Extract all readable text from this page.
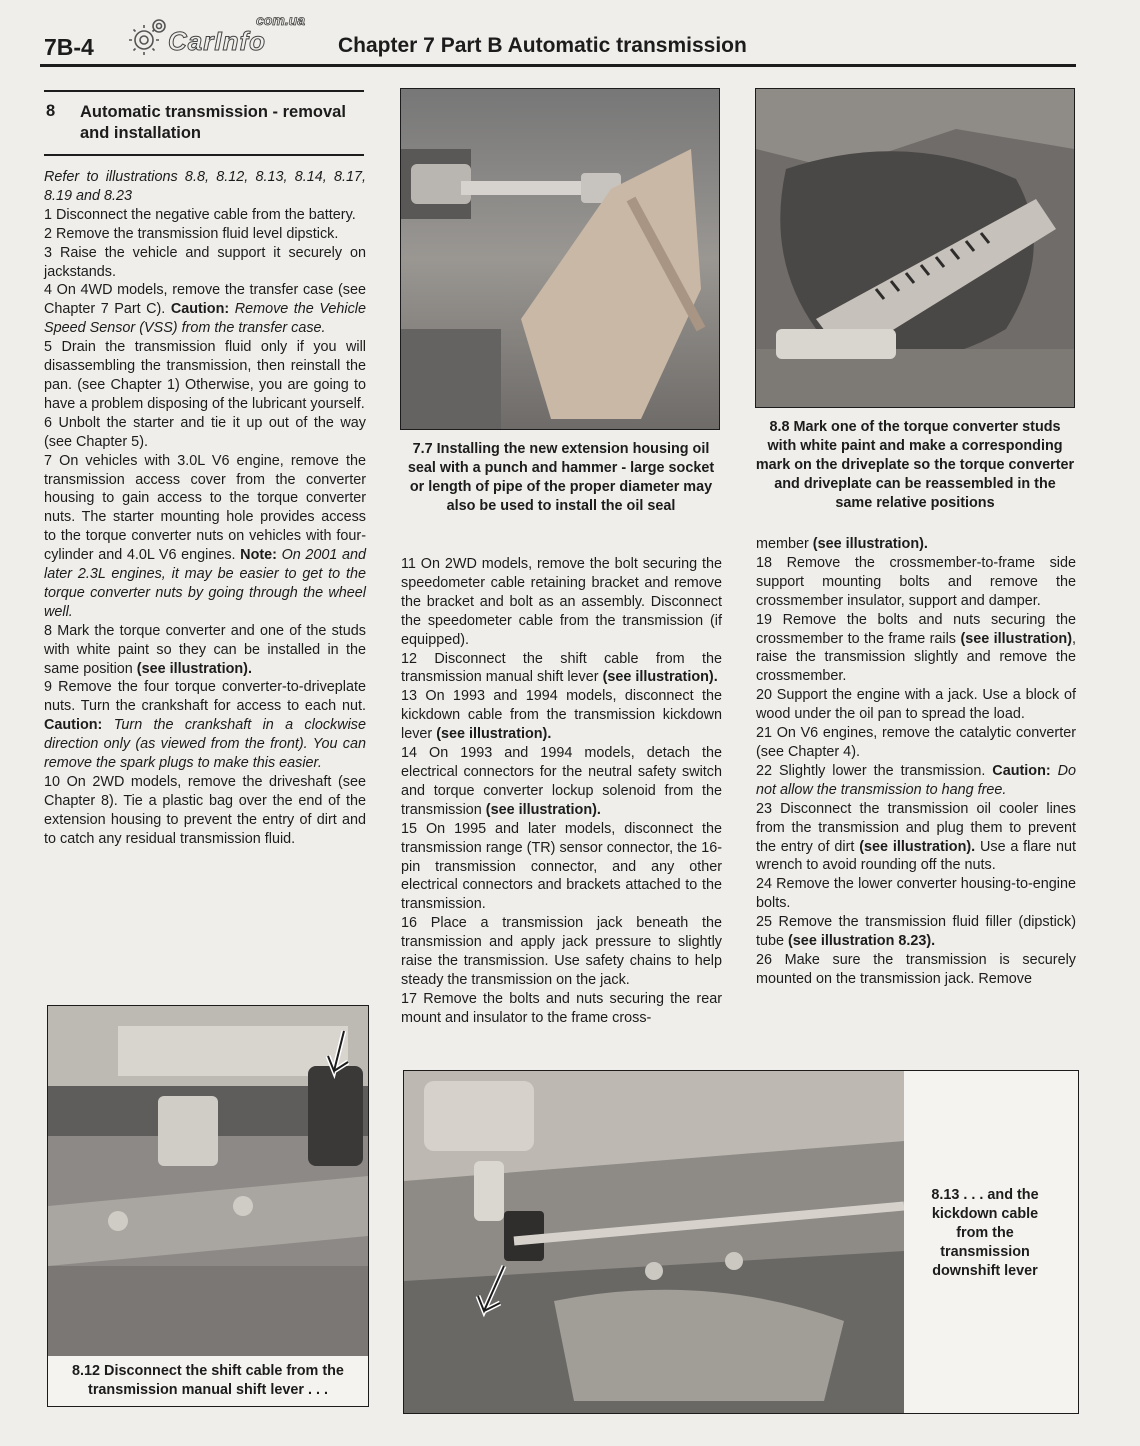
7B-4	CarInfo
com.ua
Chapter 7 Part B Automatic transmission
8 Automatic transmission - removal and installation

Refer to illustrations 8.8, 8.12, 8.13, 8.14, 8.17, 8.19 and 8.23

1 Disconnect the negative cable from the battery.

2 Remove the transmission fluid level dipstick.

3 Raise the vehicle and support it securely on jackstands.

4 On 4WD models, remove the transfer case (see Chapter 7 Part C). Caution: Remove the Vehicle Speed Sensor (VSS) from the transfer case.

5 Drain the transmission fluid only if you will disassembling the transmission, then reinstall the pan. (see Chapter 1) Otherwise, you are going to have a problem disposing of the lubricant yourself.

6 Unbolt the starter and tie it up out of the way (see Chapter 5).

7 On vehicles with 3.0L V6 engine, remove the transmission access cover from the converter housing to gain access to the torque converter nuts. The starter mounting hole provides access to the torque converter nuts on vehicles with four-cylinder and 4.0L V6 engines. Note: On 2001 and later 2.3L engines, it may be easier to get to the torque converter nuts by going through the wheel well.

8 Mark the torque converter and one of the studs with white paint so they can be installed in the same position (see illustration).

9 Remove the four torque converter-to-driveplate nuts. Turn the crankshaft for access to each nut. Caution: Turn the crankshaft in a clockwise direction only (as viewed from the front). You can remove the spark plugs to make this easier.

10 On 2WD models, remove the driveshaft (see Chapter 8). Tie a plastic bag over the end of the extension housing to prevent the entry of dirt and to catch any residual transmission fluid.

11 On 2WD models, remove the bolt securing the speedometer cable retaining bracket and remove the bracket and bolt as an assembly. Disconnect the speedometer cable from the transmission (if equipped).

12 Disconnect the shift cable from the transmission manual shift lever (see illustration).

13 On 1993 and 1994 models, disconnect the kickdown cable from the transmission kickdown lever (see illustration).

14 On 1993 and 1994 models, detach the electrical connectors for the neutral safety switch and torque converter lockup solenoid from the transmission (see illustration).

15 On 1995 and later models, disconnect the transmission range (TR) sensor connector, the 16-pin transmission connector, and any other electrical connectors and brackets attached to the transmission.

16 Place a transmission jack beneath the transmission and apply jack pressure to slightly raise the transmission. Use safety chains to help steady the transmission on the jack.

17 Remove the bolts and nuts securing the rear mount and insulator to the frame cross-

member (see illustration).

18 Remove the crossmember-to-frame side support mounting bolts and remove the crossmember insulator, support and damper.

19 Remove the bolts and nuts securing the crossmember to the frame rails (see illustration), raise the transmission slightly and remove the crossmember.

20 Support the engine with a jack. Use a block of wood under the oil pan to spread the load.

21 On V6 engines, remove the catalytic converter (see Chapter 4).

22 Slightly lower the transmission. Caution: Do not allow the transmission to hang free.

23 Disconnect the transmission oil cooler lines from the transmission and plug them to prevent the entry of dirt (see illustration). Use a flare nut wrench to avoid rounding off the nuts.

24 Remove the lower converter housing-to-engine bolts.

25 Remove the transmission fluid filler (dipstick) tube (see illustration 8.23).

26 Make sure the transmission is securely mounted on the transmission jack. Remove

7.7 Installing the new extension housing oil seal with a punch and hammer - large socket or length of pipe of the proper diameter may also be used to install the oil seal
8.8 Mark one of the torque converter studs with white paint and make a corresponding mark on the driveplate so the torque converter and driveplate can be reassembled in the same relative positions
8.12 Disconnect the shift cable from the transmission manual shift lever . . .
8.13 . . . and the kickdown cable from the transmission downshift lever
